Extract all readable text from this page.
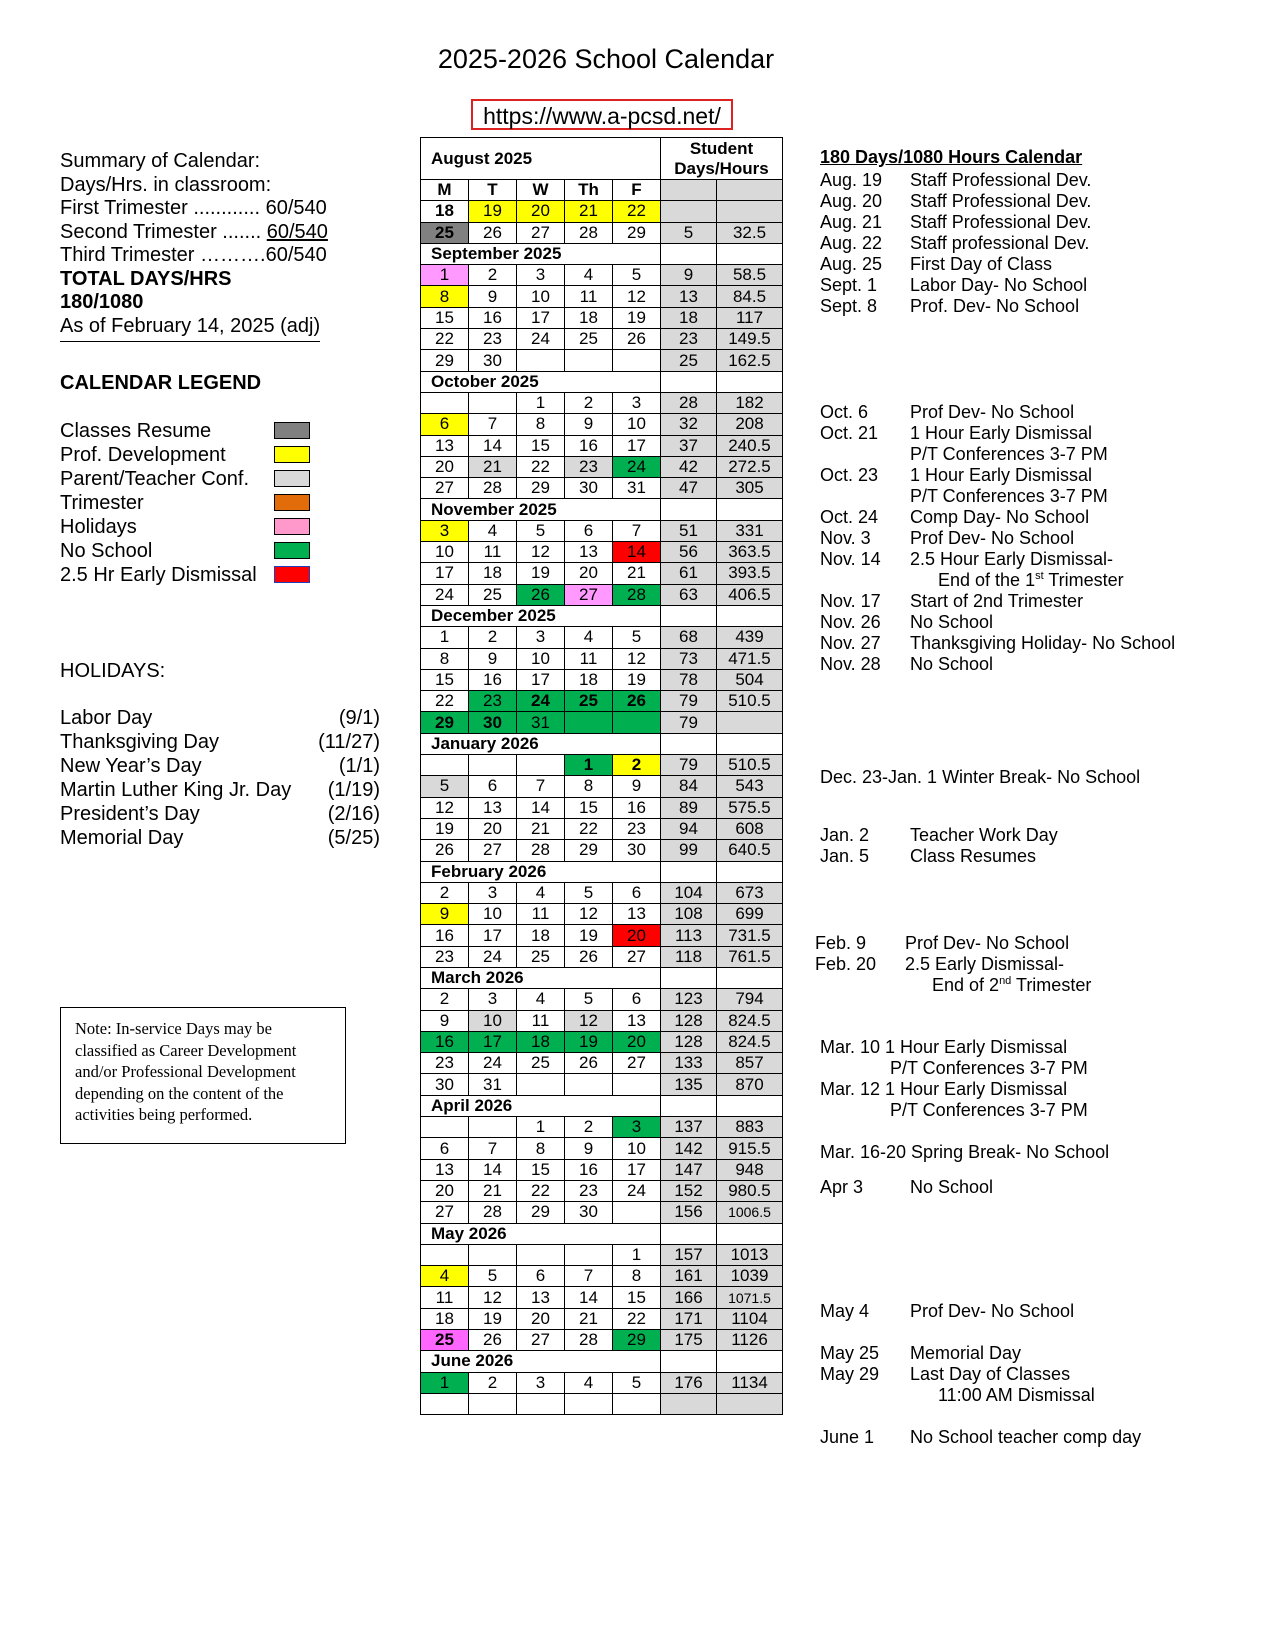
2025-2026 School Calendar
https://www.a-pcsd.net/
Summary of Calendar:
Days/Hrs. in classroom:
First Trimester ............ 60/540
Second Trimester ....... 60/540
Third Trimester ……….60/540
TOTAL DAYS/HRS
180/1080
As of February 14, 2025 (adj)
CALENDAR LEGEND
Classes Resume
Prof. Development
Parent/Teacher Conf.
Trimester
Holidays
No School
2.5 Hr Early Dismissal
HOLIDAYS:
Labor Day	(9/1)
Thanksgiving Day	(11/27)
New Year’s Day	(1/1)
Martin Luther King Jr. Day (1/19)
President’s Day	(2/16)
Memorial Day	(5/25)
Note: In-service Days may be classified as Career Development and/or Professional Development depending on the content of the activities being performed.
August 2025					Student Days/Hours	
M	T	W	Th	F		
18	19	20	21	22		
25	26	27	28	29	5	32.5
September 2025						
1	2	3	4	5	9	58.5
8	9	10	11	12	13	84.5
15	16	17	18	19	18	117
22	23	24	25	26	23	149.5
29	30				25	162.5
October 2025						
		1	2	3	28	182
6	7	8	9	10	32	208
13	14	15	16	17	37	240.5
20	21	22	23	24	42	272.5
27	28	29	30	31	47	305
November 2025						
3	4	5	6	7	51	331
10	11	12	13	14	56	363.5
17	18	19	20	21	61	393.5
24	25	26	27	28	63	406.5
December 2025						
1	2	3	4	5	68	439
8	9	10	11	12	73	471.5
15	16	17	18	19	78	504
22	23	24	25	26	79	510.5
29	30	31			79	
January 2026						
			1	2	79	510.5
5	6	7	8	9	84	543
12	13	14	15	16	89	575.5
19	20	21	22	23	94	608
26	27	28	29	30	99	640.5
February 2026						
2	3	4	5	6	104	673
9	10	11	12	13	108	699
16	17	18	19	20	113	731.5
23	24	25	26	27	118	761.5
March 2026						
2	3	4	5	6	123	794
9	10	11	12	13	128	824.5
16	17	18	19	20	128	824.5
23	24	25	26	27	133	857
30	31				135	870
April 2026						
		1	2	3	137	883
6	7	8	9	10	142	915.5
13	14	15	16	17	147	948
20	21	22	23	24	152	980.5
27	28	29	30		156	1006.5
May 2026						
				1	157	1013
4	5	6	7	8	161	1039
11	12	13	14	15	166	1071.5
18	19	20	21	22	171	1104
25	26	27	28	29	175	1126
June 2026						
1	2	3	4	5	176	1134

180 Days/1080 Hours Calendar
End of the 1st Trimester
Dec. 23-Jan. 1 Winter Break- No School
Feb. 9 Prof Dev- No School
Feb. 20 2.5 Early Dismissal-
End of 2nd Trimester
Mar. 10 1 Hour Early Dismissal
P/T Conferences 3-7 PM
Mar. 12 1 Hour Early Dismissal
P/T Conferences 3-7 PM
Mar. 16-20 Spring Break- No School
11:00 AM Dismissal
Aug. 19 Staff Professional Dev.
Aug. 20 Staff Professional Dev.
Aug. 21 Staff Professional Dev.
Aug. 22 Staff professional Dev.
Aug. 25 First Day of Class
Sept. 1 Labor Day- No School
Sept. 8 Prof. Dev- No School
Oct. 6 Prof Dev- No School
Oct. 21 1 Hour Early Dismissal
P/T Conferences 3-7 PM
Oct. 23 1 Hour Early Dismissal
P/T Conferences 3-7 PM
Oct. 24 Comp Day- No School
Nov. 3 Prof Dev- No School
Nov. 14 2.5 Hour Early Dismissal-
Nov. 17 Start of 2nd Trimester
Nov. 26 No School
Nov. 27 Thanksgiving Holiday- No School
Nov. 28 No School
Jan. 2 Teacher Work Day
Jan. 5 Class Resumes
Apr 3	No School
May 4 Prof Dev- No School
May 25 Memorial Day
May 29 Last Day of Classes
June 1 No School teacher comp day
